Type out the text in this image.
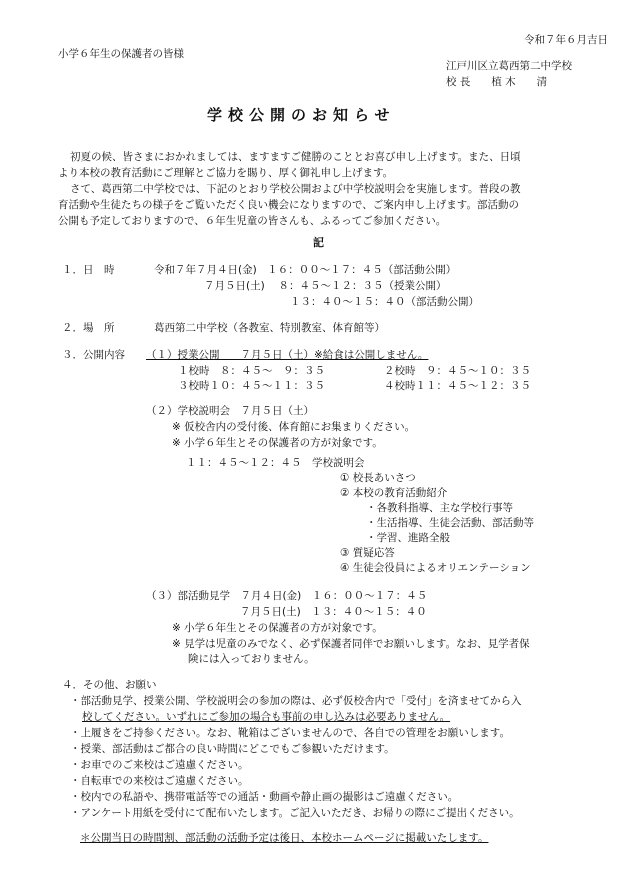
令和７年６月吉日
小学６年生の保護者の皆様
江戸川区立葛西第二中学校
校 長　　植 木　　清
学校公開のお知らせ
初夏の候、皆さまにおかれましては、ますますご健勝のこととお喜び申し上げます。また、日頃
より本校の教育活動にご理解とご協力を賜り、厚く御礼申し上げます。
さて、葛西第二中学校では、下記のとおり学校公開および中学校説明会を実施します。普段の教
育活動や生徒たちの様子をご覧いただく良い機会になりますので、ご案内申し上げます。部活動の
公開も予定しておりますので、６年生児童の皆さんも、ふるってご参加ください。
記
１．日　時	令和７年７月４日(金)　１６：００～１７：４５（部活動公開）
７月５日(土)　 ８：４５～１２：３５（授業公開）
１３：４０～１５：４０（部活動公開）
２．場　所	葛西第二中学校（各教室、特別教室、体育館等）
３．公開内容 （１）授業公開　　７月５日（土）※給食は公開しません。
１校時　８：４５～　９：３５	２校時　９：４５～１０：３５
３校時１０：４５～１１：３５	４校時１１：４５～１２：３５
（２）学校説明会　７月５日（土）
※ 仮校舎内の受付後、体育館にお集まりください。
※ 小学６年生とその保護者の方が対象です。
１１：４５～１２：４５　学校説明会
① 校長あいさつ
② 本校の教育活動紹介
・各教科指導、主な学校行事等
・生活指導、生徒会活動、部活動等
・学習、進路全般
③ 質疑応答
④ 生徒会役員によるオリエンテーション
（３）部活動見学　７月４日(金)　１６：００～１７：４５
７月５日(土)　１３：４０～１５：４０
※ 小学６年生とその保護者の方が対象です。
※ 見学は児童のみでなく、必ず保護者同伴でお願いします。なお、見学者保
険には入っておりません。
４．その他、お願い
・部活動見学、授業公開、学校説明会の参加の際は、必ず仮校舎内で「受付」を済ませてから入
校してください。いずれにご参加の場合も事前の申し込みは必要ありません。
・上履きをご持参ください。なお、靴箱はございませんので、各自での管理をお願いします。
・授業、部活動はご都合の良い時間にどこでもご参観いただけます。
・お車でのご来校はご遠慮ください。
・自転車での来校はご遠慮ください。
・校内での私語や、携帯電話等での通話・動画や静止画の撮影はご遠慮ください。
・アンケート用紙を受付にて配布いたします。ご記入いただき、お帰りの際にご提出ください。
＊公開当日の時間割、部活動の活動予定は後日、本校ホームページに掲載いたします。
